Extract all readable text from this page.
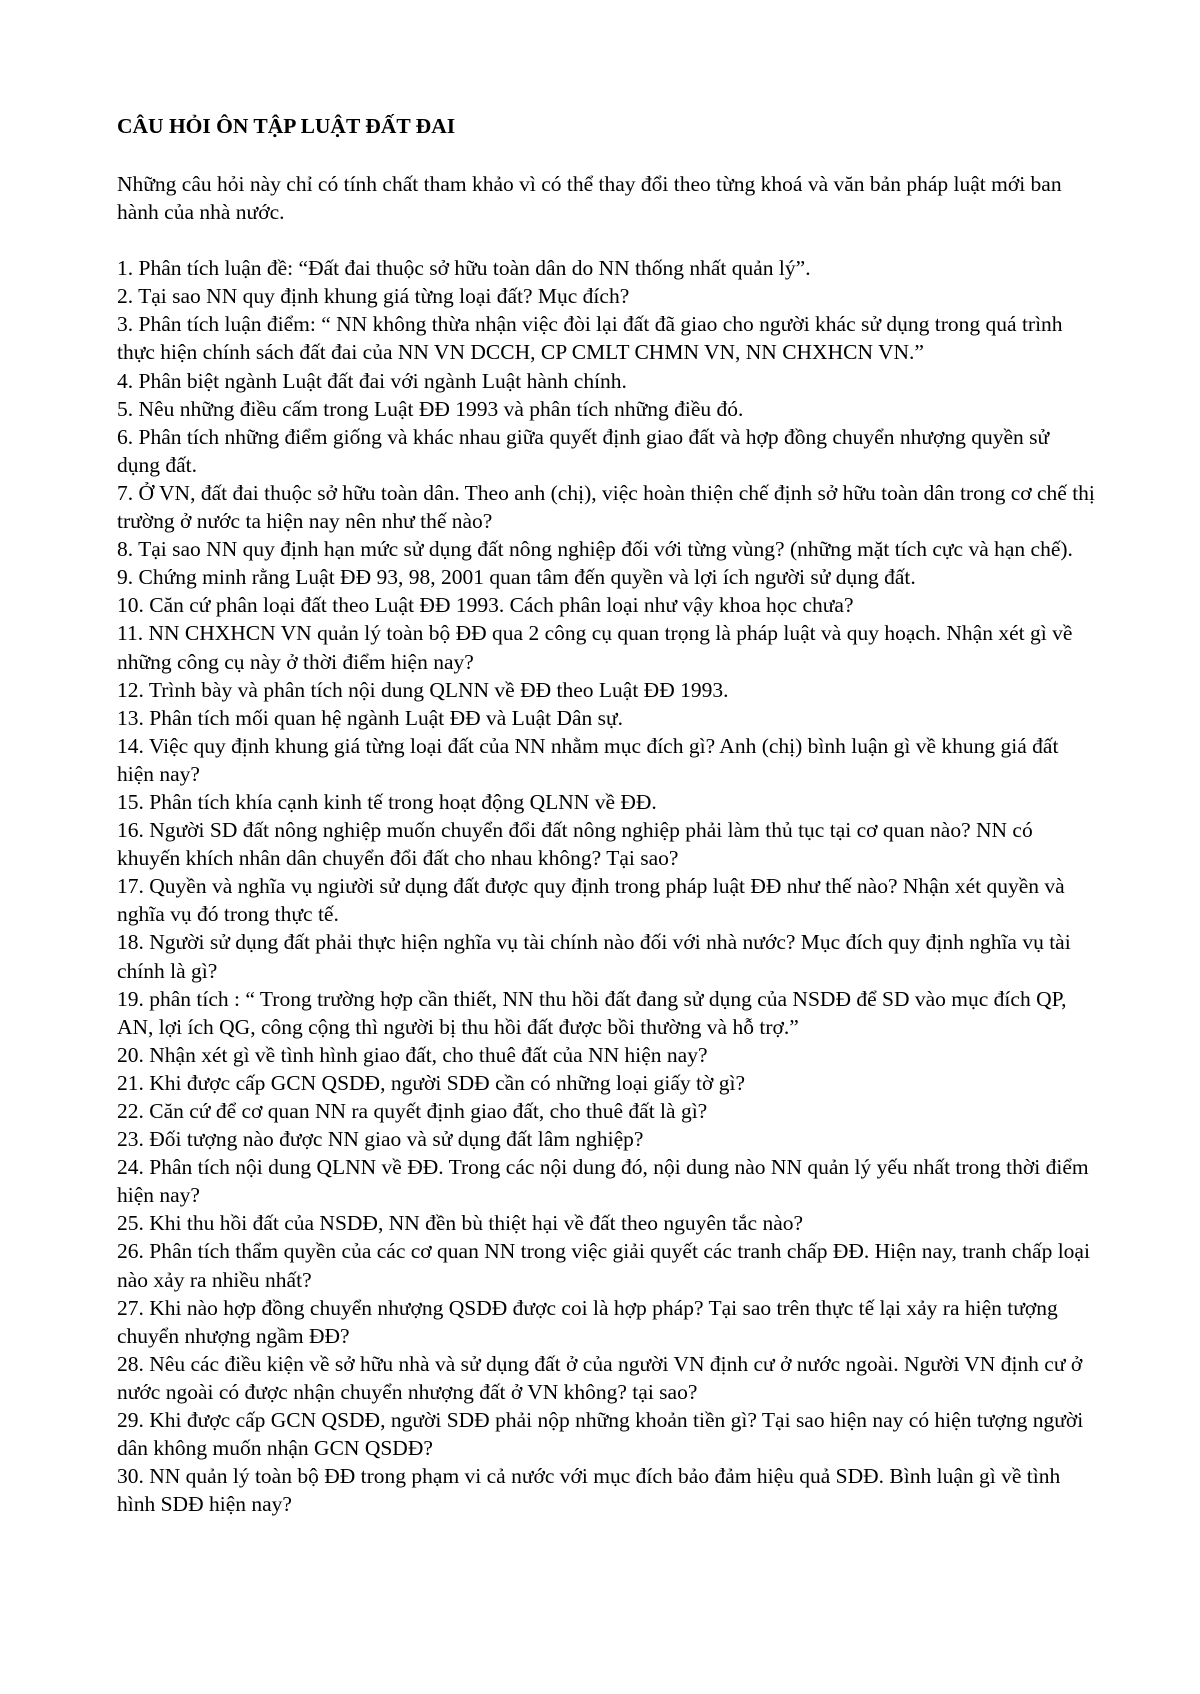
CÂU HỎI ÔN TẬP LUẬT ĐẤT ĐAI
Những câu hỏi này chỉ có tính chất tham khảo vì có thể thay đổi theo từng khoá và văn bản pháp luật mới ban hành của nhà nước.
1. Phân tích luận đề: “Đất đai thuộc sở hữu toàn dân do NN thống nhất quản lý”.
2. Tại sao NN quy định khung giá từng loại đất? Mục đích?
3. Phân tích luận điểm: “ NN không thừa nhận việc đòi lại đất đã giao cho người khác sử dụng trong quá trình thực hiện chính sách đất đai của NN VN DCCH, CP CMLT CHMN VN, NN CHXHCN VN.”
4. Phân biệt ngành Luật đất đai với ngành Luật hành chính.
5. Nêu những điều cấm trong Luật ĐĐ 1993 và phân tích những điều đó.
6. Phân tích những điểm giống và khác nhau giữa quyết định giao đất và hợp đồng chuyển nhượng quyền sử dụng đất.
7. Ở VN, đất đai thuộc sở hữu toàn dân. Theo anh (chị), việc hoàn thiện chế định sở hữu toàn dân trong cơ chế thị trường ở nước ta hiện nay nên như thế nào?
8. Tại sao NN quy định hạn mức sử dụng đất nông nghiệp đối với từng vùng? (những mặt tích cực và hạn chế).
9. Chứng minh rằng Luật ĐĐ 93, 98, 2001 quan tâm đến quyền và lợi ích người sử dụng đất.
10. Căn cứ phân loại đất theo Luật ĐĐ 1993. Cách phân loại như vậy khoa học chưa?
11. NN CHXHCN VN quản lý toàn bộ ĐĐ qua 2 công cụ quan trọng là pháp luật và quy hoạch. Nhận xét gì về những công cụ này ở thời điểm hiện nay?
12. Trình bày và phân tích nội dung QLNN về ĐĐ theo Luật ĐĐ 1993.
13. Phân tích mối quan hệ ngành Luật ĐĐ và Luật Dân sự.
14. Việc quy định khung giá từng loại đất của NN nhằm mục đích gì? Anh (chị) bình luận gì về khung giá đất hiện nay?
15. Phân tích khía cạnh kinh tế trong hoạt động QLNN về ĐĐ.
16. Người SD đất nông nghiệp muốn chuyển đổi đất nông nghiệp phải làm thủ tục tại cơ quan nào? NN có khuyến khích nhân dân chuyển đổi đất cho nhau không? Tại sao?
17. Quyền và nghĩa vụ ngiười sử dụng đất được quy định trong pháp luật ĐĐ như thế nào? Nhận xét quyền và nghĩa vụ đó trong thực tế.
18. Người sử dụng đất phải thực hiện nghĩa vụ tài chính nào đối với nhà nước? Mục đích quy định nghĩa vụ tài chính là gì?
19. phân tích : “ Trong trường hợp cần thiết, NN thu hồi đất đang sử dụng của NSDĐ để SD vào mục đích QP, AN, lợi ích QG, công cộng thì người bị thu hồi đất được bồi thường và hỗ trợ.”
20. Nhận xét gì về tình hình giao đất, cho thuê đất của NN hiện nay?
21. Khi được cấp GCN QSDĐ, người SDĐ cần có những loại giấy tờ gì?
22. Căn cứ để cơ quan NN ra quyết định giao đất, cho thuê đất là gì?
23. Đối tượng nào được NN giao và sử dụng đất lâm nghiệp?
24. Phân tích nội dung QLNN về ĐĐ. Trong các nội dung đó, nội dung nào NN quản lý yếu nhất trong thời điểm hiện nay?
25. Khi thu hồi đất của NSDĐ, NN đền bù thiệt hại về đất theo nguyên tắc nào?
26. Phân tích thẩm quyền của các cơ quan NN trong việc giải quyết các tranh chấp ĐĐ. Hiện nay, tranh chấp loại nào xảy ra nhiều nhất?
27. Khi nào hợp đồng chuyển nhượng QSDĐ được coi là hợp pháp? Tại sao trên thực tế lại xảy ra hiện tượng chuyển nhượng ngầm ĐĐ?
28. Nêu các điều kiện về sở hữu nhà và sử dụng đất ở của người VN định cư ở nước ngoài. Người VN định cư ở nước ngoài có được nhận chuyển nhượng đất ở VN không? tại sao?
29. Khi được cấp GCN QSDĐ, người SDĐ phải nộp những khoản tiền gì? Tại sao hiện nay có hiện tượng người dân không muốn nhận GCN QSDĐ?
30. NN quản lý toàn bộ ĐĐ trong phạm vi cả nước với mục đích bảo đảm hiệu quả SDĐ. Bình luận gì về tình hình SDĐ hiện nay?
